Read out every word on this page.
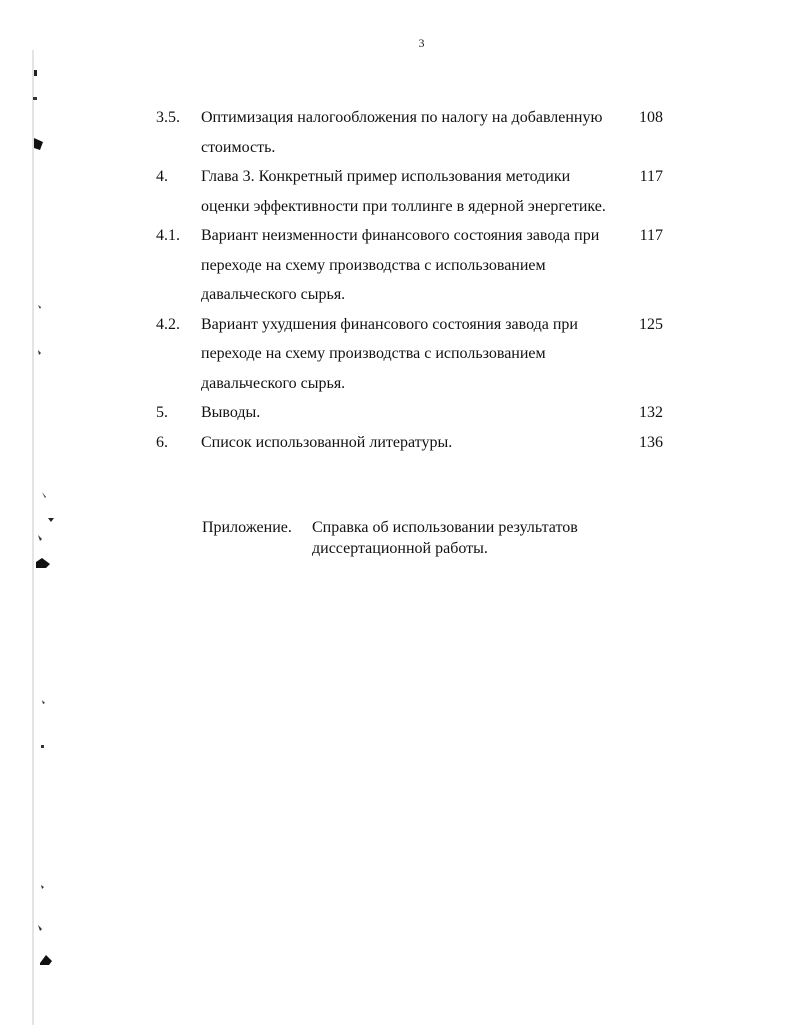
3
3.5. Оптимизация налогообложения по налогу на добавленную стоимость.
108
4. Глава 3. Конкретный пример использования методики оценки эффективности при толлинге в ядерной энергетике.
117
4.1. Вариант неизменности финансового состояния завода при переходе на схему производства с использованием давальческого сырья.
117
4.2. Вариант ухудшения финансового состояния завода при переходе на схему производства с использованием давальческого сырья.
125
5. Выводы.	132
6. Список использованной литературы.	136
Приложение. Справка об использовании результатов диссертационной работы.
